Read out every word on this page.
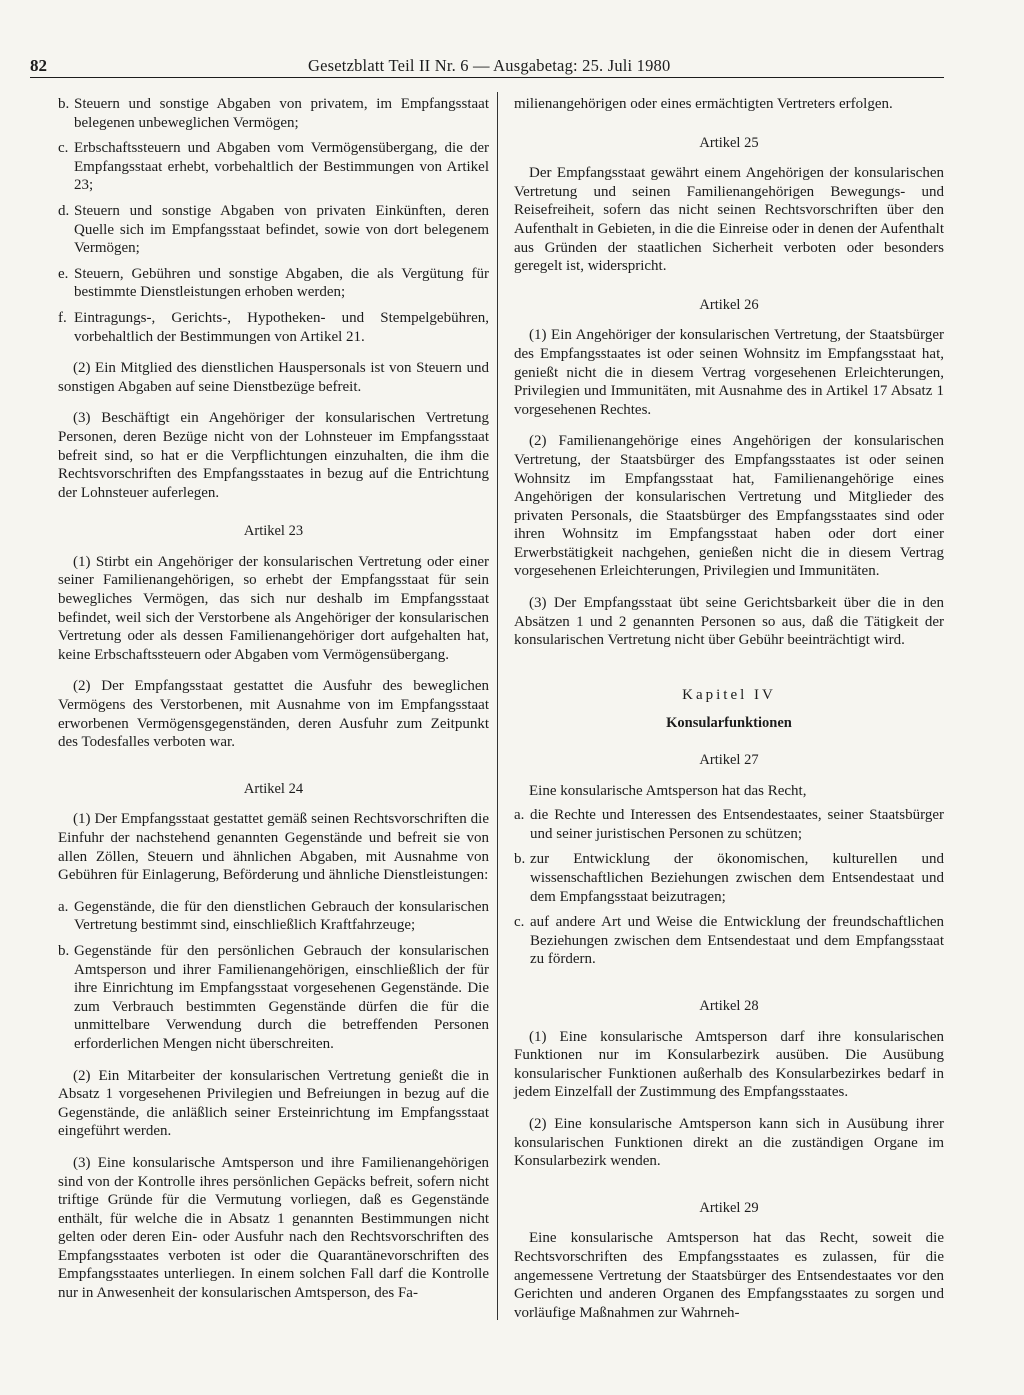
82	Gesetzblatt Teil II Nr. 6 — Ausgabetag: 25. Juli 1980
b. Steuern und sonstige Abgaben von privatem, im Empfangsstaat belegenen unbeweglichen Vermögen;
c. Erbschaftssteuern und Abgaben vom Vermögensübergang, die der Empfangsstaat erhebt, vorbehaltlich der Bestimmungen von Artikel 23;
d. Steuern und sonstige Abgaben von privaten Einkünften, deren Quelle sich im Empfangsstaat befindet, sowie von dort belegenem Vermögen;
e. Steuern, Gebühren und sonstige Abgaben, die als Vergütung für bestimmte Dienstleistungen erhoben werden;
f. Eintragungs-, Gerichts-, Hypotheken- und Stempelgebühren, vorbehaltlich der Bestimmungen von Artikel 21.

(2) Ein Mitglied des dienstlichen Hauspersonals ist von Steuern und sonstigen Abgaben auf seine Dienstbezüge befreit.

(3) Beschäftigt ein Angehöriger der konsularischen Vertretung Personen, deren Bezüge nicht von der Lohnsteuer im Empfangsstaat befreit sind, so hat er die Verpflichtungen einzuhalten, die ihm die Rechtsvorschriften des Empfangsstaates in bezug auf die Entrichtung der Lohnsteuer auferlegen.

Artikel 23

(1) Stirbt ein Angehöriger der konsularischen Vertretung oder einer seiner Familienangehörigen, so erhebt der Empfangsstaat für sein bewegliches Vermögen, das sich nur deshalb im Empfangsstaat befindet, weil sich der Verstorbene als Angehöriger der konsularischen Vertretung oder als dessen Familienangehöriger dort aufgehalten hat, keine Erbschaftssteuern oder Abgaben vom Vermögensübergang.

(2) Der Empfangsstaat gestattet die Ausfuhr des beweglichen Vermögens des Verstorbenen, mit Ausnahme von im Empfangsstaat erworbenen Vermögensgegenständen, deren Ausfuhr zum Zeitpunkt des Todesfalles verboten war.

Artikel 24

(1) Der Empfangsstaat gestattet gemäß seinen Rechtsvorschriften die Einfuhr der nachstehend genannten Gegenstände und befreit sie von allen Zöllen, Steuern und ähnlichen Abgaben, mit Ausnahme von Gebühren für Einlagerung, Beförderung und ähnliche Dienstleistungen:

a. Gegenstände, die für den dienstlichen Gebrauch der konsularischen Vertretung bestimmt sind, einschließlich Kraftfahrzeuge;
b. Gegenstände für den persönlichen Gebrauch der konsularischen Amtsperson und ihrer Familienangehörigen, einschließlich der für ihre Einrichtung im Empfangsstaat vorgesehenen Gegenstände. Die zum Verbrauch bestimmten Gegenstände dürfen die für die unmittelbare Verwendung durch die betreffenden Personen erforderlichen Mengen nicht überschreiten.

(2) Ein Mitarbeiter der konsularischen Vertretung genießt die in Absatz 1 vorgesehenen Privilegien und Befreiungen in bezug auf die Gegenstände, die anläßlich seiner Ersteinrichtung im Empfangsstaat eingeführt werden.

(3) Eine konsularische Amtsperson und ihre Familienangehörigen sind von der Kontrolle ihres persönlichen Gepäcks befreit, sofern nicht triftige Gründe für die Vermutung vorliegen, daß es Gegenstände enthält, für welche die in Absatz 1 genannten Bestimmungen nicht gelten oder deren Ein- oder Ausfuhr nach den Rechtsvorschriften des Empfangsstaates verboten ist oder die Quarantänevorschriften des Empfangsstaates unterliegen. In einem solchen Fall darf die Kontrolle nur in Anwesenheit der konsularischen Amtsperson, des Fa-

milienangehörigen oder eines ermächtigten Vertreters erfolgen.

Artikel 25

Der Empfangsstaat gewährt einem Angehörigen der konsularischen Vertretung und seinen Familienangehörigen Bewegungs- und Reisefreiheit, sofern das nicht seinen Rechtsvorschriften über den Aufenthalt in Gebieten, in die die Einreise oder in denen der Aufenthalt aus Gründen der staatlichen Sicherheit verboten oder besonders geregelt ist, widerspricht.

Artikel 26

(1) Ein Angehöriger der konsularischen Vertretung, der Staatsbürger des Empfangsstaates ist oder seinen Wohnsitz im Empfangsstaat hat, genießt nicht die in diesem Vertrag vorgesehenen Erleichterungen, Privilegien und Immunitäten, mit Ausnahme des in Artikel 17 Absatz 1 vorgesehenen Rechtes.

(2) Familienangehörige eines Angehörigen der konsularischen Vertretung, der Staatsbürger des Empfangsstaates ist oder seinen Wohnsitz im Empfangsstaat hat, Familienangehörige eines Angehörigen der konsularischen Vertretung und Mitglieder des privaten Personals, die Staatsbürger des Empfangsstaates sind oder ihren Wohnsitz im Empfangsstaat haben oder dort einer Erwerbstätigkeit nachgehen, genießen nicht die in diesem Vertrag vorgesehenen Erleichterungen, Privilegien und Immunitäten.

(3) Der Empfangsstaat übt seine Gerichtsbarkeit über die in den Absätzen 1 und 2 genannten Personen so aus, daß die Tätigkeit der konsularischen Vertretung nicht über Gebühr beeinträchtigt wird.

Kapitel IV
Konsularfunktionen
Artikel 27

Eine konsularische Amtsperson hat das Recht,

a. die Rechte und Interessen des Entsendestaates, seiner Staatsbürger und seiner juristischen Personen zu schützen;
b. zur Entwicklung der ökonomischen, kulturellen und wissenschaftlichen Beziehungen zwischen dem Entsendestaat und dem Empfangsstaat beizutragen;
c. auf andere Art und Weise die Entwicklung der freundschaftlichen Beziehungen zwischen dem Entsendestaat und dem Empfangsstaat zu fördern.
Artikel 28

(1) Eine konsularische Amtsperson darf ihre konsularischen Funktionen nur im Konsularbezirk ausüben. Die Ausübung konsularischer Funktionen außerhalb des Konsularbezirkes bedarf in jedem Einzelfall der Zustimmung des Empfangsstaates.

(2) Eine konsularische Amtsperson kann sich in Ausübung ihrer konsularischen Funktionen direkt an die zuständigen Organe im Konsularbezirk wenden.

Artikel 29

Eine konsularische Amtsperson hat das Recht, soweit die Rechtsvorschriften des Empfangsstaates es zulassen, für die angemessene Vertretung der Staatsbürger des Entsendestaates vor den Gerichten und anderen Organen des Empfangsstaates zu sorgen und vorläufige Maßnahmen zur Wahrneh-
